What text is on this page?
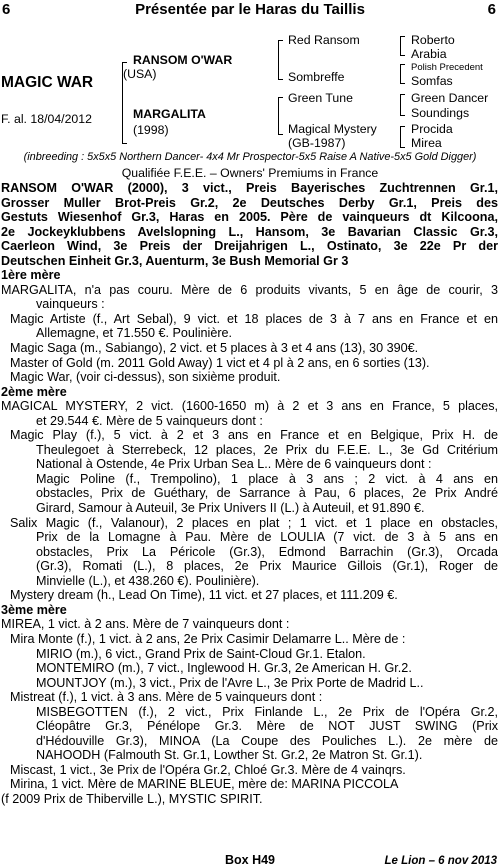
6	Présentée par le Haras du Taillis	6
MAGIC WAR
F. al. 18/04/2012
RANSOM O'WAR
(USA)
MARGALITA
(1998)
Red Ransom
Sombreffe
Green Tune
Magical Mystery
(GB-1987)
Roberto
Arabia
Polish Precedent
Somfas
Green Dancer
Soundings
Procida
Mirea
(inbreeding : 5x5x5 Northern Dancer- 4x4 Mr Prospector-5x5 Raise A Native-5x5 Gold Digger)
Qualifiée F.E.E. – Owners' Premiums in France
RANSOM O'WAR (2000), 3 vict., Preis Bayerisches Zuchtrennen Gr.1,
Grosser Muller Brot-Preis Gr.2, 2e Deutsches Derby Gr.1, Preis des
Gestuts Wiesenhof Gr.3, Haras en 2005. Père de vainqueurs dt Kilcoona,
2e Jockeyklubbens Avelslopning L., Hansom, 3e Bavarian Classic Gr.3,
Caerleon Wind, 3e Preis der Dreijahrigen L., Ostinato, 3e 22e Pr der
Deutschen Einheit Gr.3, Auenturm, 3e Bush Memorial Gr 3
1ère mère
MARGALITA, n'a pas couru. Mère de 6 produits vivants, 5 en âge de courir, 3
vainqueurs :
Magic Artiste (f., Art Sebal), 9 vict. et 18 places de 3 à 7 ans en France et en
Allemagne, et 71.550 €. Poulinière.
Magic Saga (m., Sabiango), 2 vict. et 5 places à 3 et 4 ans (13), 30 390€.
Master of Gold (m. 2011 Gold Away) 1 vict et 4 pl à 2 ans, en 6 sorties (13).
Magic War, (voir ci-dessus), son sixième produit.
2ème mère
MAGICAL MYSTERY, 2 vict. (1600-1650 m) à 2 et 3 ans en France, 5 places,
et 29.544 €. Mère de 5 vainqueurs dont :
Magic Play (f.), 5 vict. à 2 et 3 ans en France et en Belgique, Prix H. de
Theulegoet à Sterrebeck, 12 places, 2e Prix du F.E.E. L., 3e Gd Critérium
National à Ostende, 4e Prix Urban Sea L.. Mère de 6 vainqueurs dont :
Magic Poline (f., Trempolino), 1 place à 3 ans ; 2 vict. à 4 ans en
obstacles, Prix de Guéthary, de Sarrance à Pau, 6 places, 2e Prix André
Girard, Samour à Auteuil, 3e Prix Univers II (L.) à Auteuil, et 91.890 €.
Salix Magic (f., Valanour), 2 places en plat ; 1 vict. et 1 place en obstacles,
Prix de la Lomagne à Pau. Mère de LOULIA (7 vict. de 3 à 5 ans en
obstacles, Prix La Péricole (Gr.3), Edmond Barrachin (Gr.3), Orcada
(Gr.3), Romati (L.), 8 places, 2e Prix Maurice Gillois (Gr.1), Roger de
Minvielle (L.), et 438.260 €). Poulinière).
Mystery dream (h., Lead On Time), 11 vict. et 27 places, et 111.209 €.
3ème mère
MIREA, 1 vict. à 2 ans. Mère de 7 vainqueurs dont :
Mira Monte (f.), 1 vict. à 2 ans, 2e Prix Casimir Delamarre L.. Mère de :
MIRIO (m.), 6 vict., Grand Prix de Saint-Cloud Gr.1. Etalon.
MONTEMIRO (m.), 7 vict., Inglewood H. Gr.3, 2e American H. Gr.2.
MOUNTJOY (m.), 3 vict., Prix de l'Avre L., 3e Prix Porte de Madrid L..
Mistreat (f.), 1 vict. à 3 ans. Mère de 5 vainqueurs dont :
MISBEGOTTEN (f.), 2 vict., Prix Finlande L., 2e Prix de l'Opéra Gr.2,
Cléopâtre Gr.3, Pénélope Gr.3. Mère de NOT JUST SWING (Prix
d'Hédouville Gr.3), MINOA (La Coupe des Pouliches L.). 2e mère de
NAHOODH (Falmouth St. Gr.1, Lowther St. Gr.2, 2e Matron St. Gr.1).
Miscast, 1 vict., 3e Prix de l'Opéra Gr.2, Chloé Gr.3. Mère de 4 vainqrs.
Mirina, 1 vict. Mère de MARINE BLEUE, mère de: MARINA PICCOLA
(f 2009 Prix de Thiberville L.), MYSTIC SPIRIT.
Box H49	Le Lion – 6 nov 2013
